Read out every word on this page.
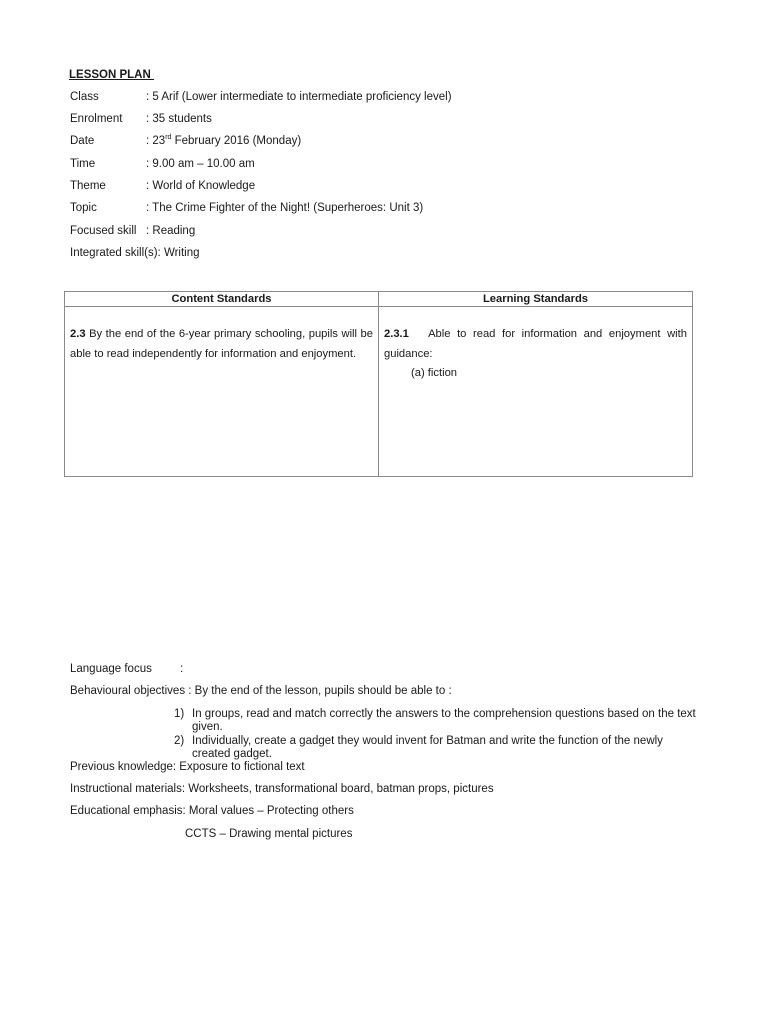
LESSON PLAN
Class	: 5 Arif (Lower intermediate to intermediate proficiency level)
Enrolment : 35 students
Date	: 23rd February 2016 (Monday)
Time	: 9.00 am – 10.00 am
Theme	: World of Knowledge
Topic	: The Crime Fighter of the Night! (Superheroes: Unit 3)
Focused skill : Reading
Integrated skill(s): Writing
Content Standards	Learning Standards
2.3 By the end of the 6-year primary schooling, pupils will be able to read independently for information and enjoyment.	2.3.1   Able to read for information and enjoyment with guidance:
(a) fiction
Language focus :
Behavioural objectives : By the end of the lesson, pupils should be able to :
1) In groups, read and match correctly the answers to the comprehension questions based on the text given.
2) Individually, create a gadget they would invent for Batman and write the function of the newly created gadget.
Previous knowledge: Exposure to fictional text
Instructional materials: Worksheets, transformational board, batman props, pictures
Educational emphasis: Moral values – Protecting others
CCTS – Drawing mental pictures
